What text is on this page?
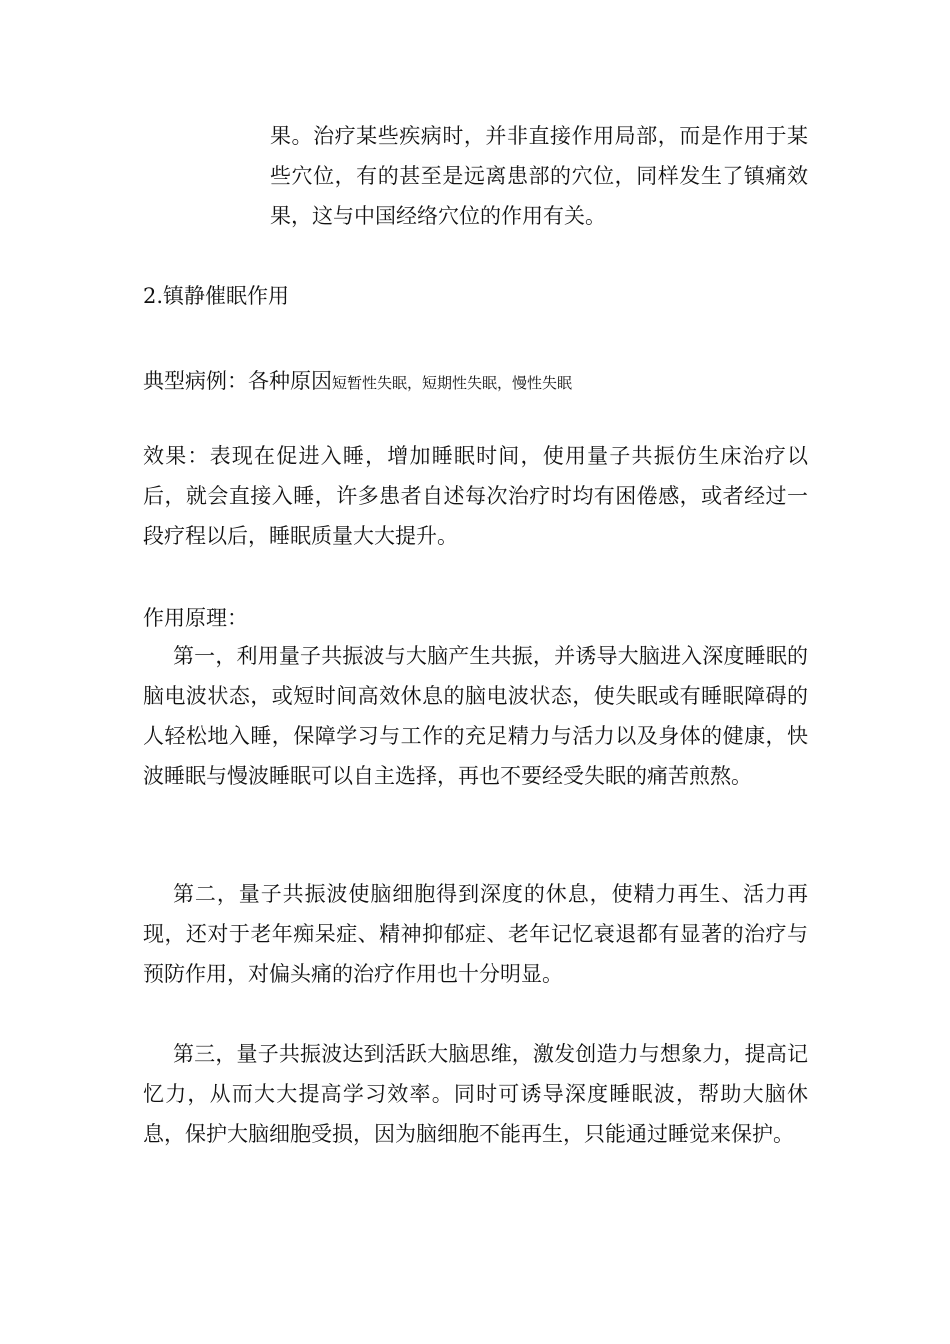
果。治疗某些疾病时，并非直接作用局部，而是作用于某些穴位，有的甚至是远离患部的穴位，同样发生了镇痛效果，这与中国经络穴位的作用有关。

2.镇静催眠作用

典型病例：各种原因短暂性失眠，短期性失眠，慢性失眠

效果：表现在促进入睡，增加睡眠时间，使用量子共振仿生床治疗以后，就会直接入睡，许多患者自述每次治疗时均有困倦感，或者经过一段疗程以后，睡眠质量大大提升。

作用原理：

第一，利用量子共振波与大脑产生共振，并诱导大脑进入深度睡眠的脑电波状态，或短时间高效休息的脑电波状态，使失眠或有睡眠障碍的人轻松地入睡，保障学习与工作的充足精力与活力以及身体的健康，快波睡眠与慢波睡眠可以自主选择，再也不要经受失眠的痛苦煎熬。

第二，量子共振波使脑细胞得到深度的休息，使精力再生、活力再现，还对于老年痴呆症、精神抑郁症、老年记忆衰退都有显著的治疗与预防作用，对偏头痛的治疗作用也十分明显。

第三，量子共振波达到活跃大脑思维，激发创造力与想象力，提高记忆力，从而大大提高学习效率。同时可诱导深度睡眠波，帮助大脑休息，保护大脑细胞受损，因为脑细胞不能再生，只能通过睡觉来保护。
